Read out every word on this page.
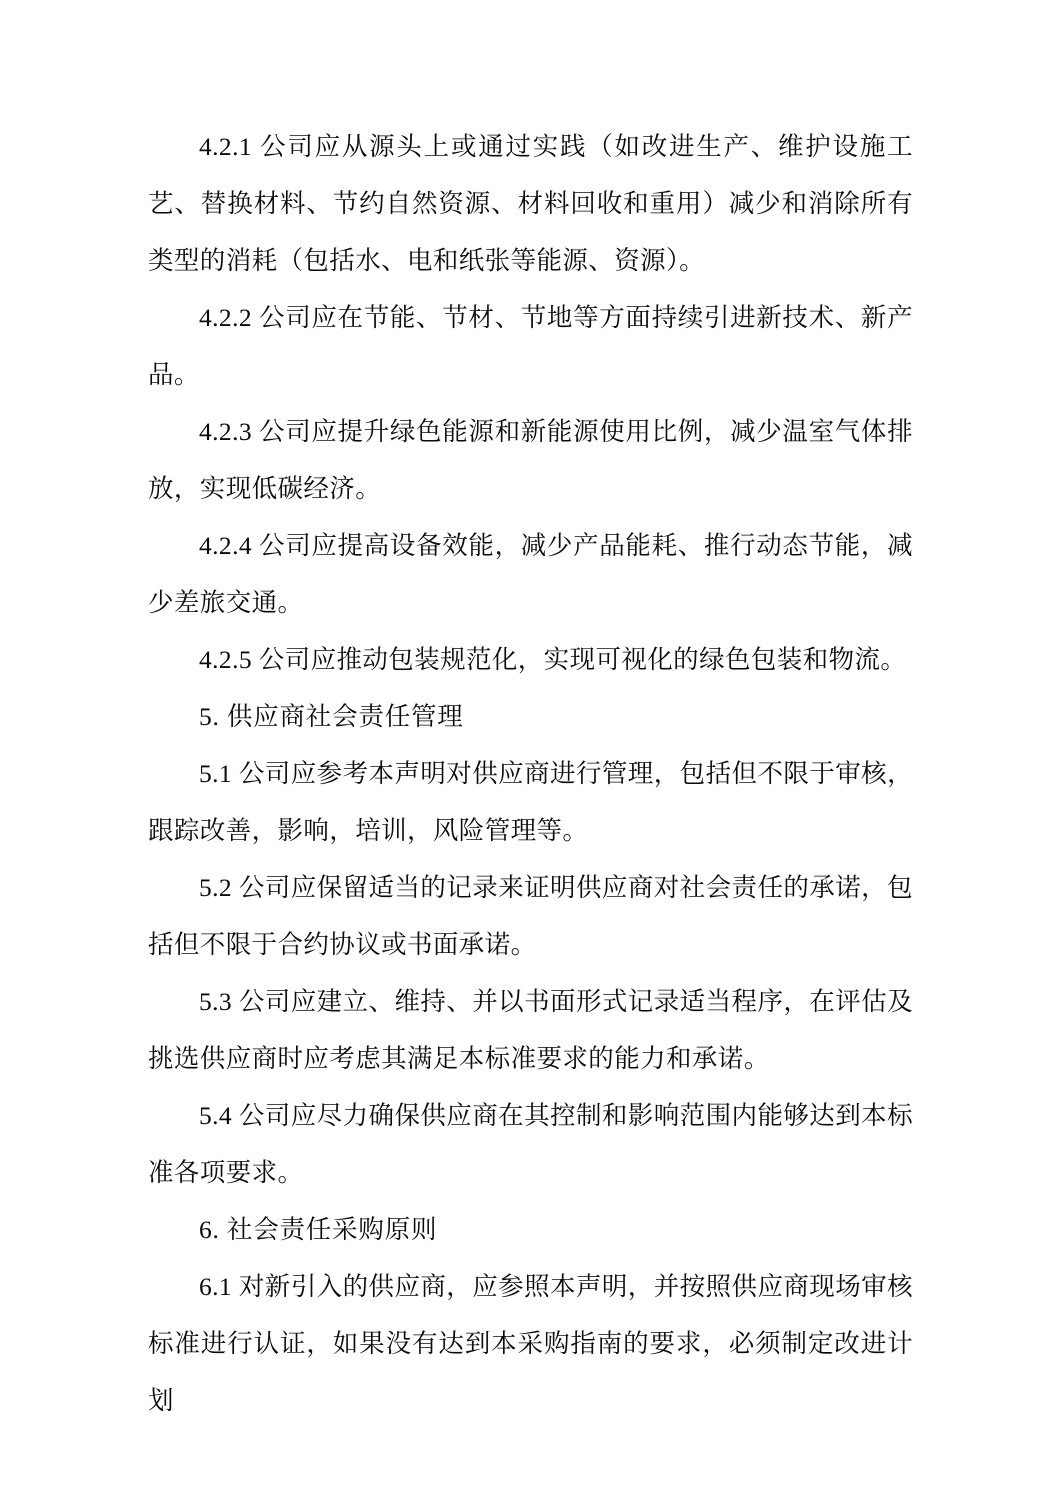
4.2.1 公司应从源头上或通过实践（如改进生产、维护设施工艺、替换材料、节约自然资源、材料回收和重用）减少和消除所有类型的消耗（包括水、电和纸张等能源、资源）。

4.2.2 公司应在节能、节材、节地等方面持续引进新技术、新产品。

4.2.3 公司应提升绿色能源和新能源使用比例，减少温室气体排放，实现低碳经济。

4.2.4 公司应提高设备效能，减少产品能耗、推行动态节能，减少差旅交通。

4.2.5 公司应推动包装规范化，实现可视化的绿色包装和物流。

5. 供应商社会责任管理

5.1 公司应参考本声明对供应商进行管理，包括但不限于审核，跟踪改善，影响，培训，风险管理等。

5.2 公司应保留适当的记录来证明供应商对社会责任的承诺，包括但不限于合约协议或书面承诺。

5.3 公司应建立、维持、并以书面形式记录适当程序，在评估及挑选供应商时应考虑其满足本标准要求的能力和承诺。

5.4 公司应尽力确保供应商在其控制和影响范围内能够达到本标准各项要求。

6. 社会责任采购原则

6.1 对新引入的供应商，应参照本声明，并按照供应商现场审核标准进行认证，如果没有达到本采购指南的要求，必须制定改进计划
